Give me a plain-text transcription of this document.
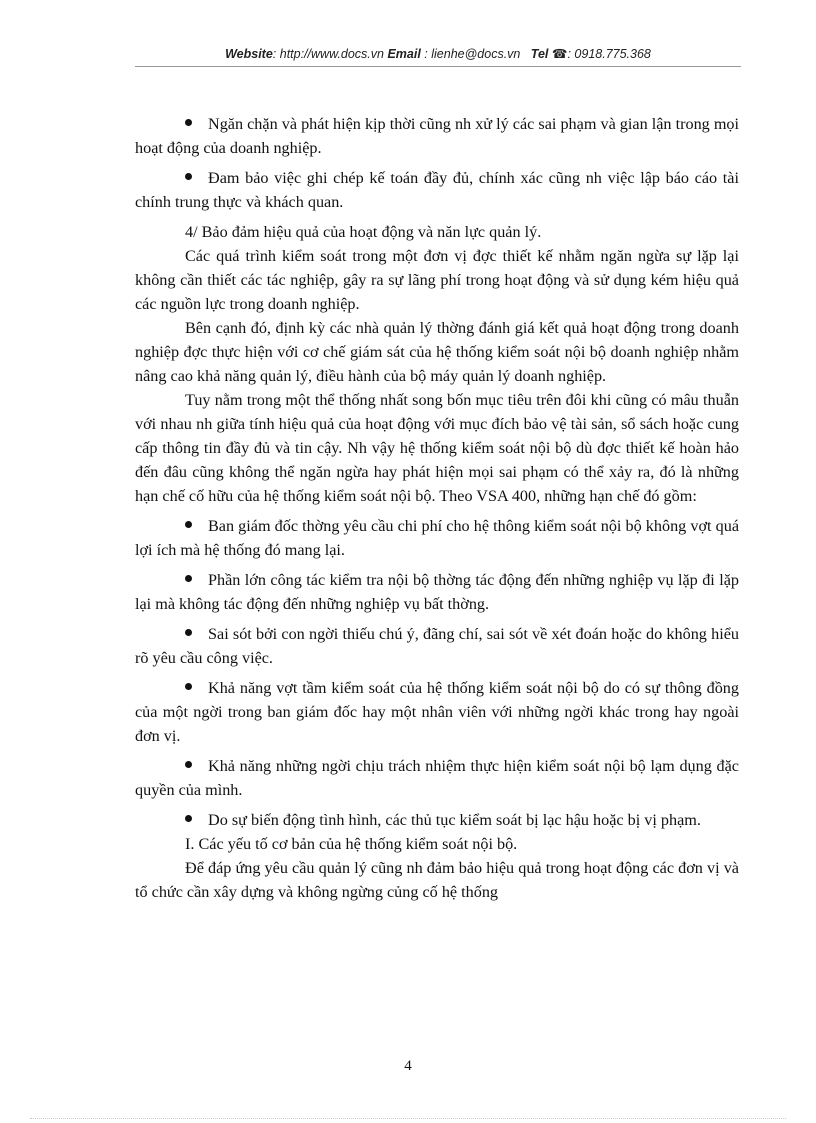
Website: http://www.docs.vn Email : lienhe@docs.vn Tel ☎: 0918.775.368

Ngăn chặn và phát hiện kịp thời cũng nh xử lý các sai phạm và gian lận trong mọi hoạt động của doanh nghiệp.

Đam bảo việc ghi chép kế toán đầy đủ, chính xác cũng nh việc lập báo cáo tài chính trung thực và khách quan.

4/ Bảo đảm hiệu quả của hoạt động và năn lực quản lý.

Các quá trình kiểm soát trong một đơn vị đợc thiết kế nhằm ngăn ngừa sự lặp lại không cần thiết các tác nghiệp, gây ra sự lãng phí trong hoạt động và sử dụng kém hiệu quả các nguồn lực trong doanh nghiệp.

Bên cạnh đó, định kỳ các nhà quản lý thờng đánh giá kết quả hoạt động trong doanh nghiệp đợc thực hiện với cơ chế giám sát của hệ thống kiểm soát nội bộ doanh nghiệp nhằm nâng cao khả năng quản lý, điều hành của bộ máy quản lý doanh nghiệp.

Tuy nằm trong một thể thống nhất song bốn mục tiêu trên đôi khi cũng có mâu thuẫn với nhau nh giữa tính hiệu quả của hoạt động với mục đích bảo vệ tài sản, sổ sách hoặc cung cấp thông tin đầy đủ và tin cậy. Nh vậy hệ thống kiểm soát nội bộ dù đợc thiết kế hoàn hảo đến đâu cũng không thể ngăn ngừa hay phát hiện mọi sai phạm có thể xảy ra, đó là những hạn chế cố hữu của hệ thống kiểm soát nội bộ. Theo VSA 400, những hạn chế đó gồm:

Ban giám đốc thờng yêu cầu chi phí cho hệ thông kiểm soát nội bộ không vợt quá lợi ích mà hệ thống đó mang lại.

Phần lớn công tác kiểm tra nội bộ thờng tác động đến những nghiệp vụ lặp đi lặp lại mà không tác động đến những nghiệp vụ bất thờng.

Sai sót bởi con ngời thiếu chú ý, đãng chí, sai sót về xét đoán hoặc do không hiểu rõ yêu cầu công việc.

Khả năng vợt tầm kiểm soát của hệ thống kiểm soát nội bộ do có sự thông đồng của một ngời trong ban giám đốc hay một nhân viên với những ngời khác trong hay ngoài đơn vị.

Khả năng những ngời chịu trách nhiệm thực hiện kiểm soát nội bộ lạm dụng đặc quyền của mình.

Do sự biến động tình hình, các thủ tục kiểm soát bị lạc hậu hoặc bị vị phạm.

I. Các yếu tố cơ bản của hệ thống kiểm soát nội bộ.

Để đáp ứng yêu cầu quản lý cũng nh đảm bảo hiệu quả trong hoạt động các đơn vị và tổ chức cần xây dựng và không ngừng củng cố hệ thống

4
